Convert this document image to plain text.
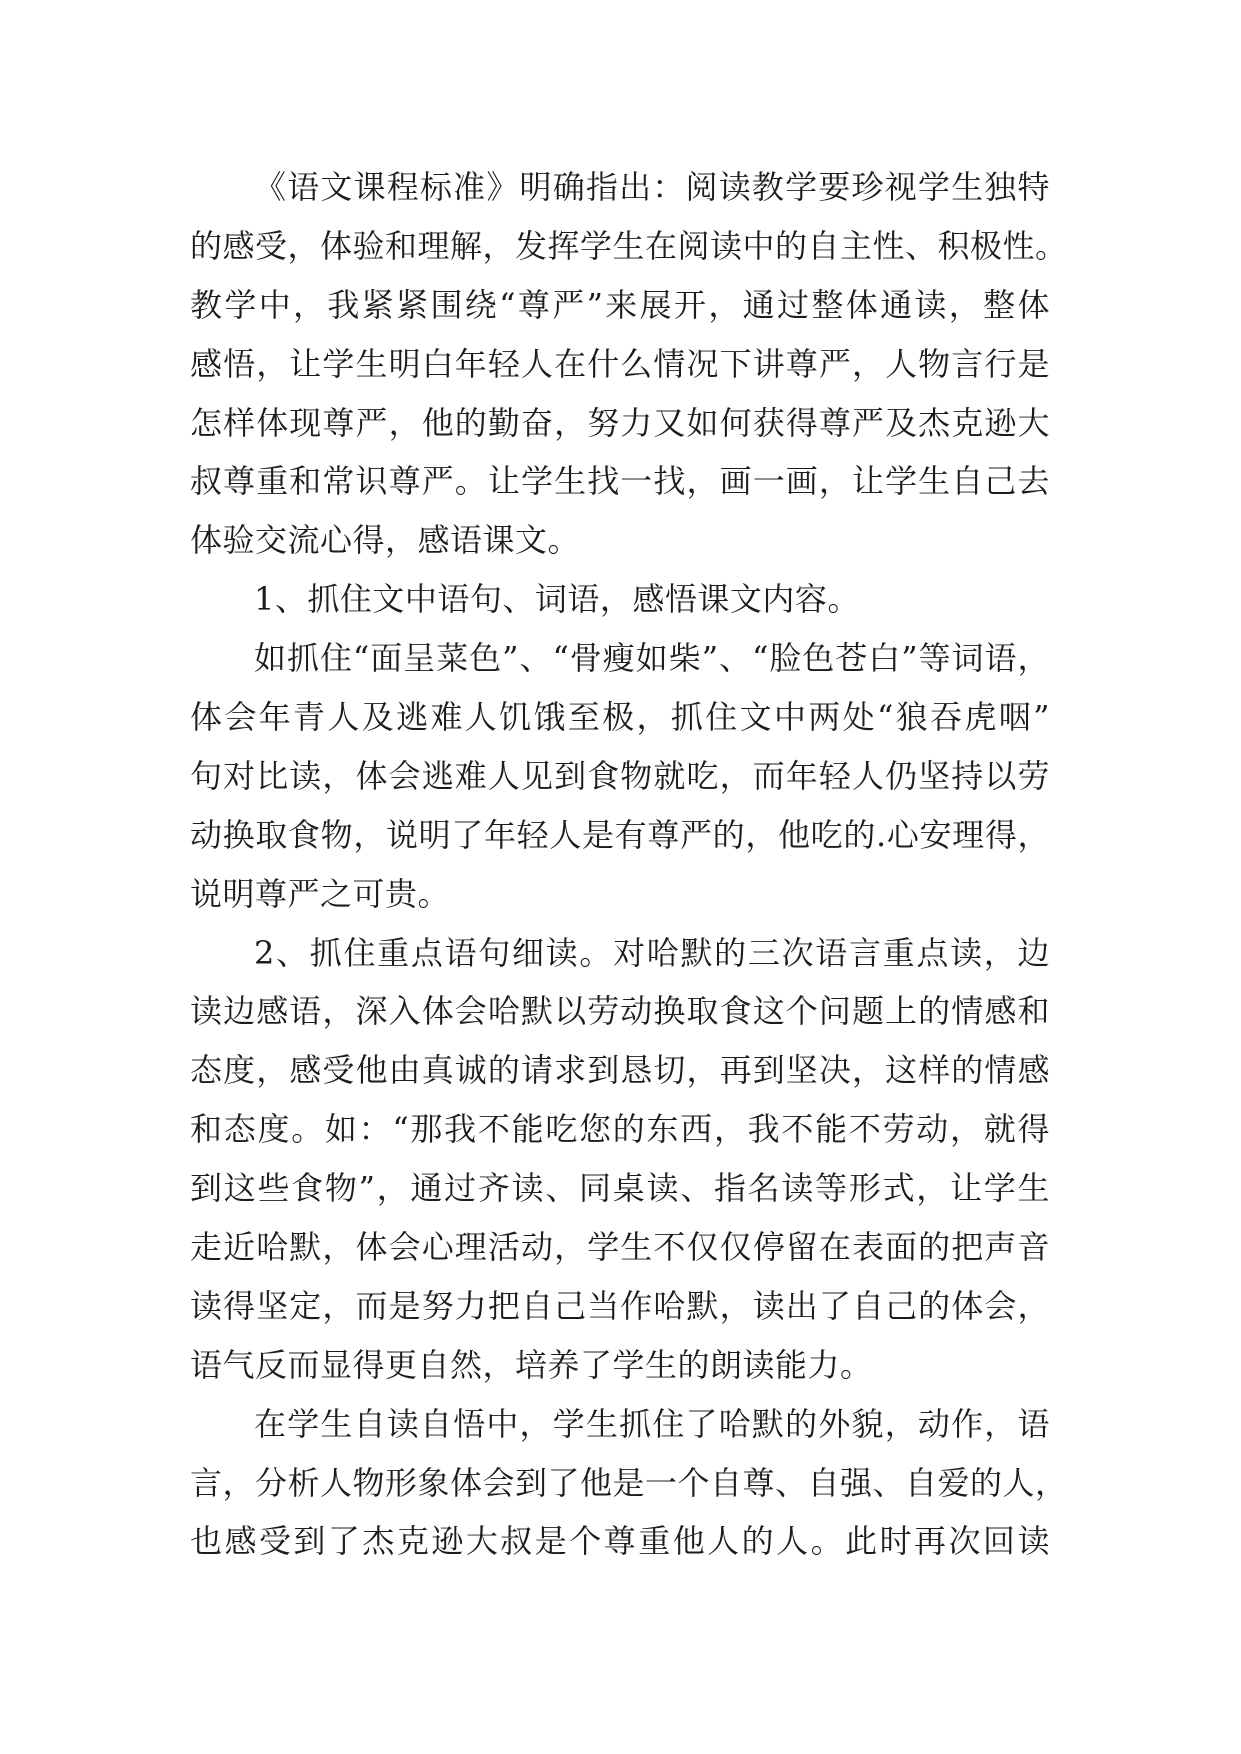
《语文课程标准》明确指出：阅读教学要珍视学生独特
的感受，体验和理解，发挥学生在阅读中的自主性、积极性。
教学中，我紧紧围绕“尊严”来展开，通过整体通读，整体
感悟，让学生明白年轻人在什么情况下讲尊严，人物言行是
怎样体现尊严，他的勤奋，努力又如何获得尊严及杰克逊大
叔尊重和常识尊严。让学生找一找，画一画，让学生自己去
体验交流心得，感语课文。
1、抓住文中语句、词语，感悟课文内容。
如抓住“面呈菜色”、“骨瘦如柴”、“脸色苍白”等词语，
体会年青人及逃难人饥饿至极，抓住文中两处“狼吞虎咽”
句对比读，体会逃难人见到食物就吃，而年轻人仍坚持以劳
动换取食物，说明了年轻人是有尊严的，他吃的.心安理得，
说明尊严之可贵。
2、抓住重点语句细读。对哈默的三次语言重点读，边
读边感语，深入体会哈默以劳动换取食这个问题上的情感和
态度，感受他由真诚的请求到恳切，再到坚决，这样的情感
和态度。如：“那我不能吃您的东西，我不能不劳动，就得
到这些食物”，通过齐读、同桌读、指名读等形式，让学生
走近哈默，体会心理活动，学生不仅仅停留在表面的把声音
读得坚定，而是努力把自己当作哈默，读出了自己的体会，
语气反而显得更自然，培养了学生的朗读能力。
在学生自读自悟中，学生抓住了哈默的外貌，动作，语
言，分析人物形象体会到了他是一个自尊、自强、自爱的人，
也感受到了杰克逊大叔是个尊重他人的人。此时再次回读
